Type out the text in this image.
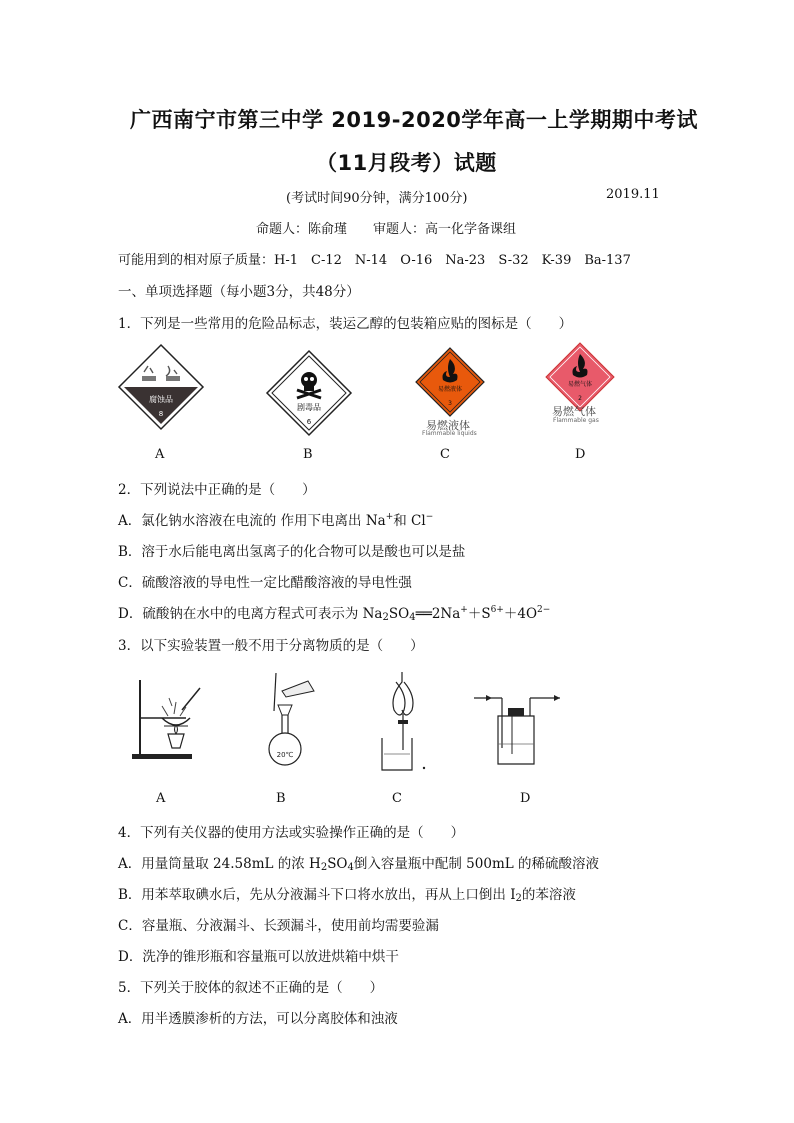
广西南宁市第三中学 2019-2020学年高一上学期期中考试
（11月段考）试题
(考试时间90分钟，满分100分)	2019.11
命题人：陈俞瑾　　审题人：高一化学备课组
可能用到的相对原子质量：H-1　C-12　N-14　O-16　Na-23　S-32　K-39　Ba-137
一、单项选择题（每小题3分，共48分）
1．下列是一些常用的危险品标志，装运乙醇的包装箱应贴的图标是（　　）
腐蚀品
8
剧毒品
6
易燃液体
3
易燃液体
Flammable liquids
易燃气体
2
易燃气体
Flammable gas
A	B	C	D
2．下列说法中正确的是（　　）
A．氯化钠水溶液在电流的 作用下电离出 Na+和 Cl−
B．溶于水后能电离出氢离子的化合物可以是酸也可以是盐
C．硫酸溶液的导电性一定比醋酸溶液的导电性强
D．硫酸钠在水中的电离方程式可表示为 $Na_2SO_4══2Na^++S^{6+}+4O^{2-}$
3．以下实验装置一般不用于分离物质的是（　　）
20℃
A	B	C	D
4．下列有关仪器的使用方法或实验操作正确的是（　　）
A．用量筒量取 24.58mL 的浓 $H_2SO_4$倒入容量瓶中配制 500mL 的稀硫酸溶液
B．用苯萃取碘水后，先从分液漏斗下口将水放出，再从上口倒出 $I_2$的苯溶液
C．容量瓶、分液漏斗、长颈漏斗，使用前均需要验漏
D．洗净的锥形瓶和容量瓶可以放进烘箱中烘干
5．下列关于胶体的叙述不正确的是（　　）
A．用半透膜渗析的方法，可以分离胶体和浊液
